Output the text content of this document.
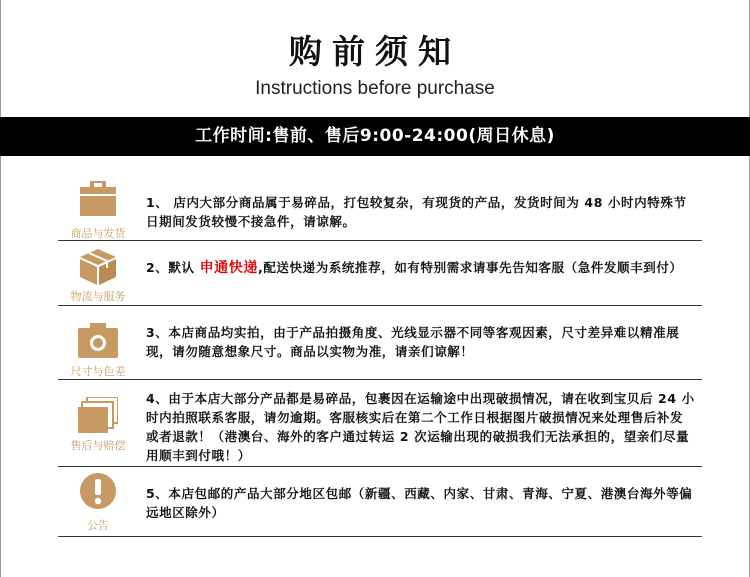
购前须知
Instructions before purchase
工作时间:售前、售后9:00-24:00(周日休息)
商品与发货
1、 店内大部分商品属于易碎品，打包较复杂，有现货的产品，发货时间为 48 小时内特殊节日期间发货较慢不接急件，请谅解。
物流与服务
2、默认 申通快递,配送快递为系统推荐，如有特别需求请事先告知客服（急件发顺丰到付）
尺寸与色差
3、本店商品均实拍，由于产品拍摄角度、光线显示器不同等客观因素，尺寸差异难以精准展现，请勿随意想象尺寸。商品以实物为准，请亲们谅解！
售后与赔偿
4、由于本店大部分产品都是易碎品，包裹因在运输途中出现破损情况，请在收到宝贝后 24 小时内拍照联系客服，请勿逾期。客服核实后在第二个工作日根据图片破损情况来处理售后补发或者退款！（港澳台、海外的客户通过转运 2 次运输出现的破损我们无法承担的，望亲们尽量用顺丰到付哦！）
公告
5、本店包邮的产品大部分地区包邮（新疆、西藏、内家、甘肃、青海、宁夏、港澳台海外等偏远地区除外）
